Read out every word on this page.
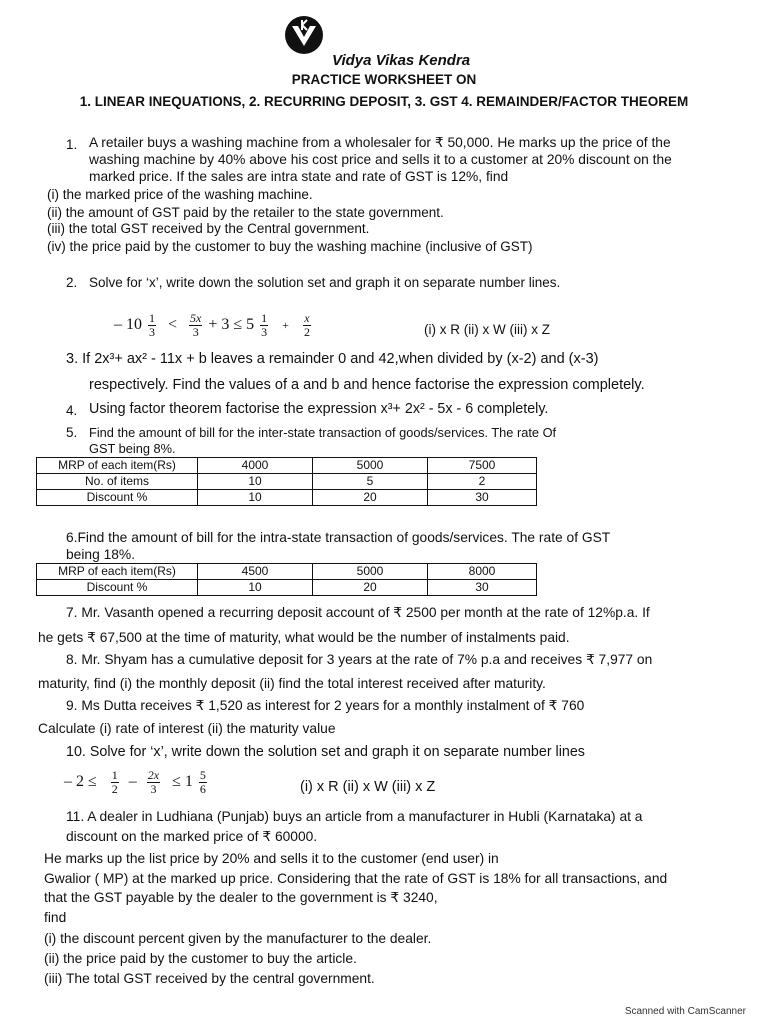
Vidya Vikas Kendra
PRACTICE WORKSHEET ON
1. LINEAR INEQUATIONS, 2. RECURRING DEPOSIT, 3. GST 4. REMAINDER/FACTOR THEOREM
1. A retailer buys a washing machine from a wholesaler for ₹ 50,000. He marks up the price of the
washing machine by 40% above his cost price and sells it to a customer at 20% discount on the
marked price. If the sales are intra state and rate of GST is 12%, find
(i) the marked price of the washing machine.
(ii) the amount of GST paid by the retailer to the state government.
(iii) the total GST received by the Central government.
(iv) the price paid by the customer to buy the washing machine (inclusive of GST)
2. Solve for ‘x’, write down the solution set and graph it on separate number lines.
– $10 \frac{1}{3} < \frac{5x}{3} + 3 \le 5 \frac{1}{3} + \frac{x}{2}$	(i) x R (ii) x W (iii) x Z
3. If 2x³+ ax² - 11x + b leaves a remainder 0 and 42,when divided by (x-2) and (x-3)
respectively. Find the values of a and b and hence factorise the expression completely.
4. Using factor theorem factorise the expression x³+ 2x² - 5x - 6 completely.
5. Find the amount of bill for the inter-state transaction of goods/services. The rate Of
GST being 8%.
MRP of each item(Rs)	4000	5000	7500
No. of items	10	5	2
Discount %	10	20	30
6.Find the amount of bill for the intra-state transaction of goods/services. The rate of GST
being 18%.
MRP of each item(Rs)	4500	5000	8000
Discount %	10	20	30
7. Mr. Vasanth opened a recurring deposit account of ₹ 2500 per month at the rate of 12%p.a. If
he gets ₹ 67,500 at the time of maturity, what would be the number of instalments paid.
8. Mr. Shyam has a cumulative deposit for 3 years at the rate of 7% p.a and receives ₹ 7,977 on
maturity, find (i) the monthly deposit (ii) find the total interest received after maturity.
9. Ms Dutta receives ₹ 1,520 as interest for 2 years for a monthly instalment of ₹ 760
Calculate (i) rate of interest (ii) the maturity value
10. Solve for ‘x’, write down the solution set and graph it on separate number lines
– $2 \le \frac{1}{2} - \frac{2x}{3} \le 1 \frac{5}{6}$	(i) x R (ii) x W (iii) x Z
11. A dealer in Ludhiana (Punjab) buys an article from a manufacturer in Hubli (Karnataka) at a
discount on the marked price of ₹ 60000.
He marks up the list price by 20% and sells it to the customer (end user) in
Gwalior ( MP) at the marked up price. Considering that the rate of GST is 18% for all transactions, and
that the GST payable by the dealer to the government is ₹ 3240,
find
(i) the discount percent given by the manufacturer to the dealer.
(ii) the price paid by the customer to buy the article.
(iii) The total GST received by the central government.
Scanned with CamScanner
